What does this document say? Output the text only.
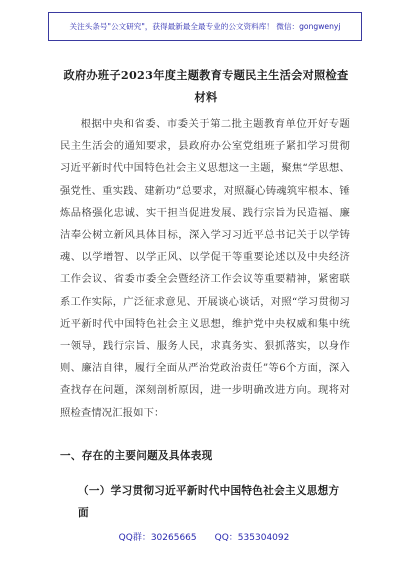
关注头条号"公文研究"，获得最新最全最专业的公文资料库！ 微信：gongwenyj
政府办班子2023年度主题教育专题民主生活会对照检查材料
根据中央和省委、市委关于第二批主题教育单位开好专题民主生活会的通知要求，县政府办公室党组班子紧扣学习贯彻习近平新时代中国特色社会主义思想这一主题，聚焦“学思想、强党性、重实践、建新功”总要求，对照凝心铸魂筑牢根本、锤炼品格强化忠诚、实干担当促进发展、践行宗旨为民造福、廉洁奉公树立新风具体目标，深入学习习近平总书记关于以学铸魂、以学增智、以学正风、以学促干等重要论述以及中央经济工作会议、省委市委全会暨经济工作会议等重要精神，紧密联系工作实际，广泛征求意见、开展谈心谈话，对照“学习贯彻习近平新时代中国特色社会主义思想，维护党中央权威和集中统一领导，践行宗旨、服务人民，求真务实、狠抓落实，以身作则、廉洁自律，履行全面从严治党政治责任”等6个方面，深入查找存在问题，深刻剖析原因，进一步明确改进方向。现将对照检查情况汇报如下：
一、存在的主要问题及具体表现
（一）学习贯彻习近平新时代中国特色社会主义思想方面
QQ群：30265665 QQ：535304092
